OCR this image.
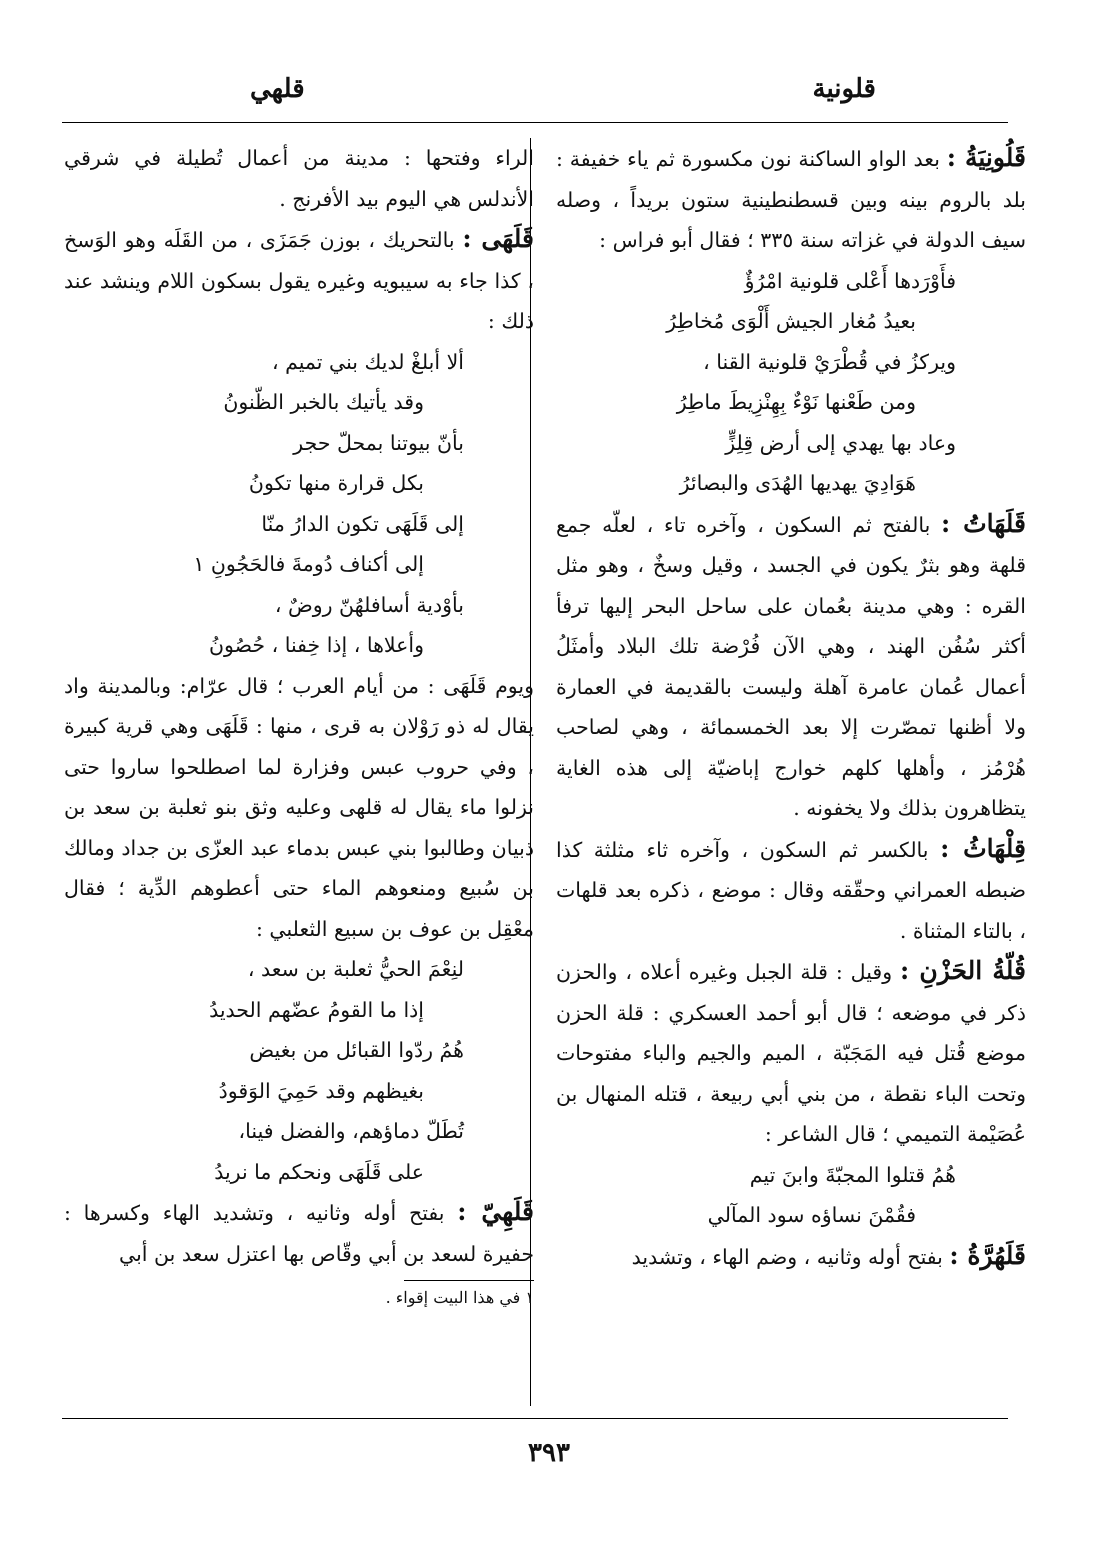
قلونية
قلهي

قَلُونِيَةُ : بعد الواو الساكنة نون مكسورة ثم ياء خفيفة : بلد بالروم بينه وبين قسطنطينية ستون بريداً ، وصله سيف الدولة في غزاته سنة ٣٣٥ ؛ فقال أبو فراس :

فأَوْرَدها أَعْلى قلونية امْرُؤٌ
بعيدُ مُغار الجيش أَلْوَى مُخاطِرُ
ويركزُ في قُطْرَيْ قلونية القنا ،
ومن طَعْنها نَوْءٌ بِهِنْزِيطَ ماطِرُ
وعاد بها يهدي إلى أرض قِلِزٍّ
هَوَادِيَ يهديها الهُدَى والبصائرُ

قَلَهَاتُ : بالفتح ثم السكون ، وآخره تاء ، لعلّه جمع قلهة وهو بثرٌ يكون في الجسد ، وقيل وسخٌ ، وهو مثل القره : وهي مدينة بعُمان على ساحل البحر إليها ترفأ أكثر سُفُن الهند ، وهي الآن فُرْضة تلك البلاد وأمثَلُ أعمال عُمان عامرة آهلة وليست بالقديمة في العمارة ولا أظنها تمصّرت إلا بعد الخمسمائة ، وهي لصاحب هُرْمُز ، وأهلها كلهم خوارج إباضيّة إلى هذه الغاية يتظاهرون بذلك ولا يخفونه .

قِلْهَاثُ : بالكسر ثم السكون ، وآخره ثاء مثلثة كذا ضبطه العمراني وحقّقه وقال : موضع ، ذكره بعد قلهات ، بالتاء المثناة .

قُلّةُ الحَزْنِ : وقيل : قلة الجبل وغيره أعلاه ، والحزن ذكر في موضعه ؛ قال أبو أحمد العسكري : قلة الحزن موضع قُتل فيه المَجَبّة ، الميم والجيم والباء مفتوحات وتحت الباء نقطة ، من بني أبي ربيعة ، قتله المنهال بن عُصَيْمة التميمي ؛ قال الشاعر :

هُمُ قتلوا المجبّةَ وابنَ تيم
فقُمْنَ نساؤه سود المآلي

قَلَهُرَّةُ : بفتح أوله وثانيه ، وضم الهاء ، وتشديد

الراء وفتحها : مدينة من أعمال تُطيلة في شرقي الأندلس هي اليوم بيد الأفرنج .

قَلَهَى : بالتحريك ، بوزن جَمَزَى ، من القَلَه وهو الوَسخ ، كذا جاء به سيبويه وغيره يقول بسكون اللام وينشد عند ذلك :

ألا أبلغْ لديك بني تميم ،
وقد يأتيك بالخبر الظّنونُ
بأنّ بيوتنا بمحلّ حجر
بكل قرارة منها تكونُ
إلى قَلَهَى تكون الدارُ منّا
إلى أكناف دُومةَ فالحَجُونِ ١
بأوْدية أسافلهُنّ روضٌ ،
وأعلاها ، إذا خِفنا ، حُصُونُ

ويوم قَلَهَى : من أيام العرب ؛ قال عرّام: وبالمدينة واد يقال له ذو رَوْلان به قرى ، منها : قَلَهَى وهي قرية كبيرة ، وفي حروب عبس وفزارة لما اصطلحوا ساروا حتى نزلوا ماء يقال له قلهى وعليه وثق بنو ثعلبة بن سعد بن ذبيان وطالبوا بني عبس بدماء عبد العزّى بن جداد ومالك بن سُبيع ومنعوهم الماء حتى أعطوهم الدِّية ؛ فقال معْقِل بن عوف بن سبيع الثعلبي :

لنِعْمَ الحيُّ ثعلبة بن سعد ،
إذا ما القومُ عضّهم الحديدُ
هُمُ ردّوا القبائل من بغيض
بغيظهم وقد حَمِيَ الوَقودُ
تُطَلّ دماؤهم، والفضل فينا،
على قَلَهَى ونحكم ما نريدُ

قَلَهِيّ : بفتح أوله وثانيه ، وتشديد الهاء وكسرها : حفيرة لسعد بن أبي وقّاص بها اعتزل سعد بن أبي

١ في هذا البيت إقواء .

٣٩٣
